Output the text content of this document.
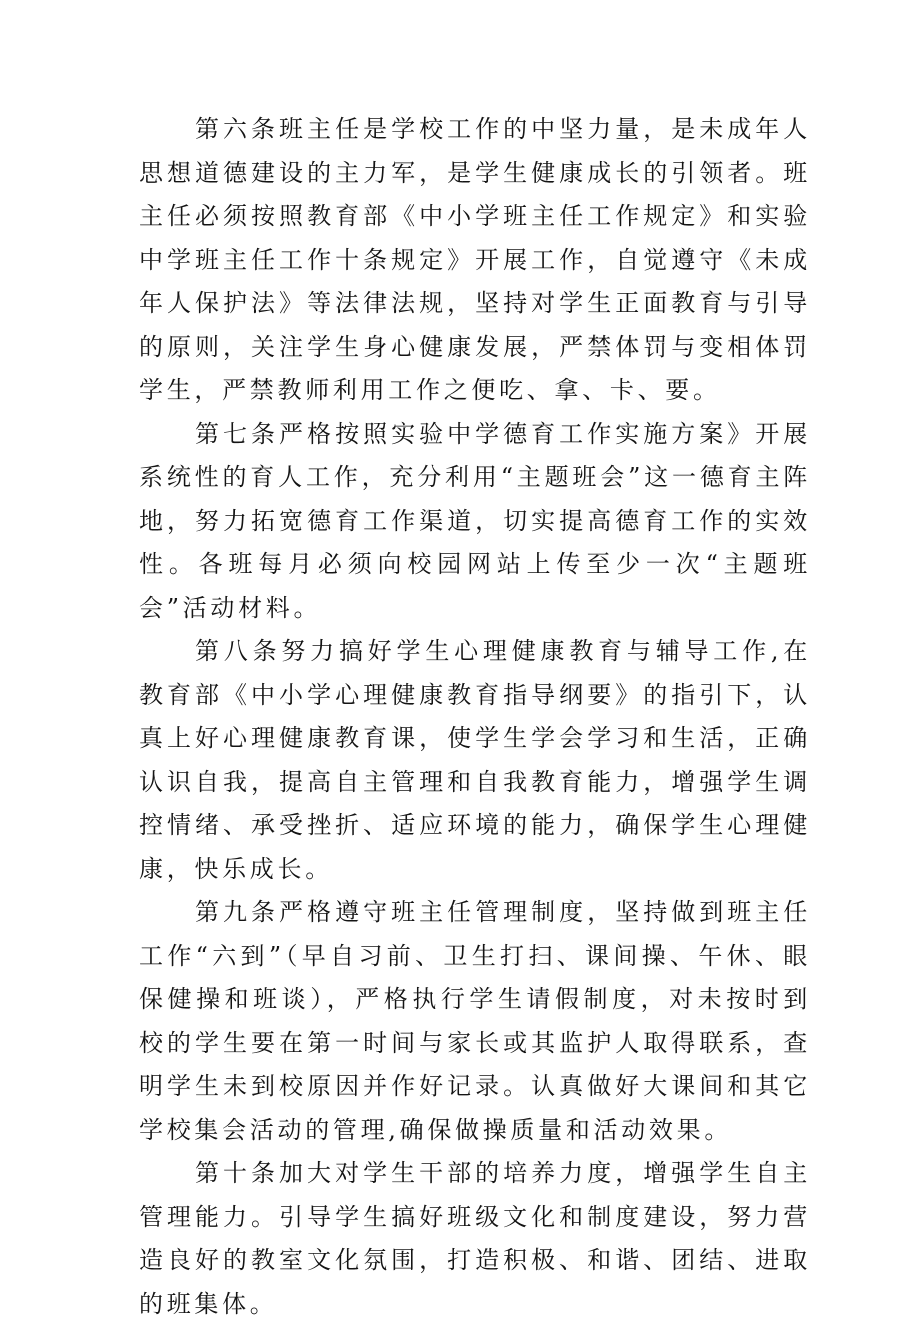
第六条班主任是学校工作的中坚力量，是未成年人思想道德建设的主力军，是学生健康成长的引领者。班主任必须按照教育部《中小学班主任工作规定》和实验中学班主任工作十条规定》开展工作，自觉遵守《未成年人保护法》等法律法规，坚持对学生正面教育与引导的原则，关注学生身心健康发展，严禁体罚与变相体罚学生，严禁教师利用工作之便吃、拿、卡、要。

第七条严格按照实验中学德育工作实施方案》开展系统性的育人工作，充分利用“主题班会”这一德育主阵地，努力拓宽德育工作渠道，切实提高德育工作的实效性。各班每月必须向校园网站上传至少一次“主题班会”活动材料。

第八条努力搞好学生心理健康教育与辅导工作,在教育部《中小学心理健康教育指导纲要》的指引下，认真上好心理健康教育课，使学生学会学习和生活，正确认识自我，提高自主管理和自我教育能力，增强学生调控情绪、承受挫折、适应环境的能力，确保学生心理健康，快乐成长。

第九条严格遵守班主任管理制度，坚持做到班主任工作“六到”（早自习前、卫生打扫、课间操、午休、眼保健操和班谈），严格执行学生请假制度，对未按时到校的学生要在第一时间与家长或其监护人取得联系，查明学生未到校原因并作好记录。认真做好大课间和其它学校集会活动的管理,确保做操质量和活动效果。

第十条加大对学生干部的培养力度，增强学生自主管理能力。引导学生搞好班级文化和制度建设，努力营造良好的教室文化氛围，打造积极、和谐、团结、进取的班集体。
